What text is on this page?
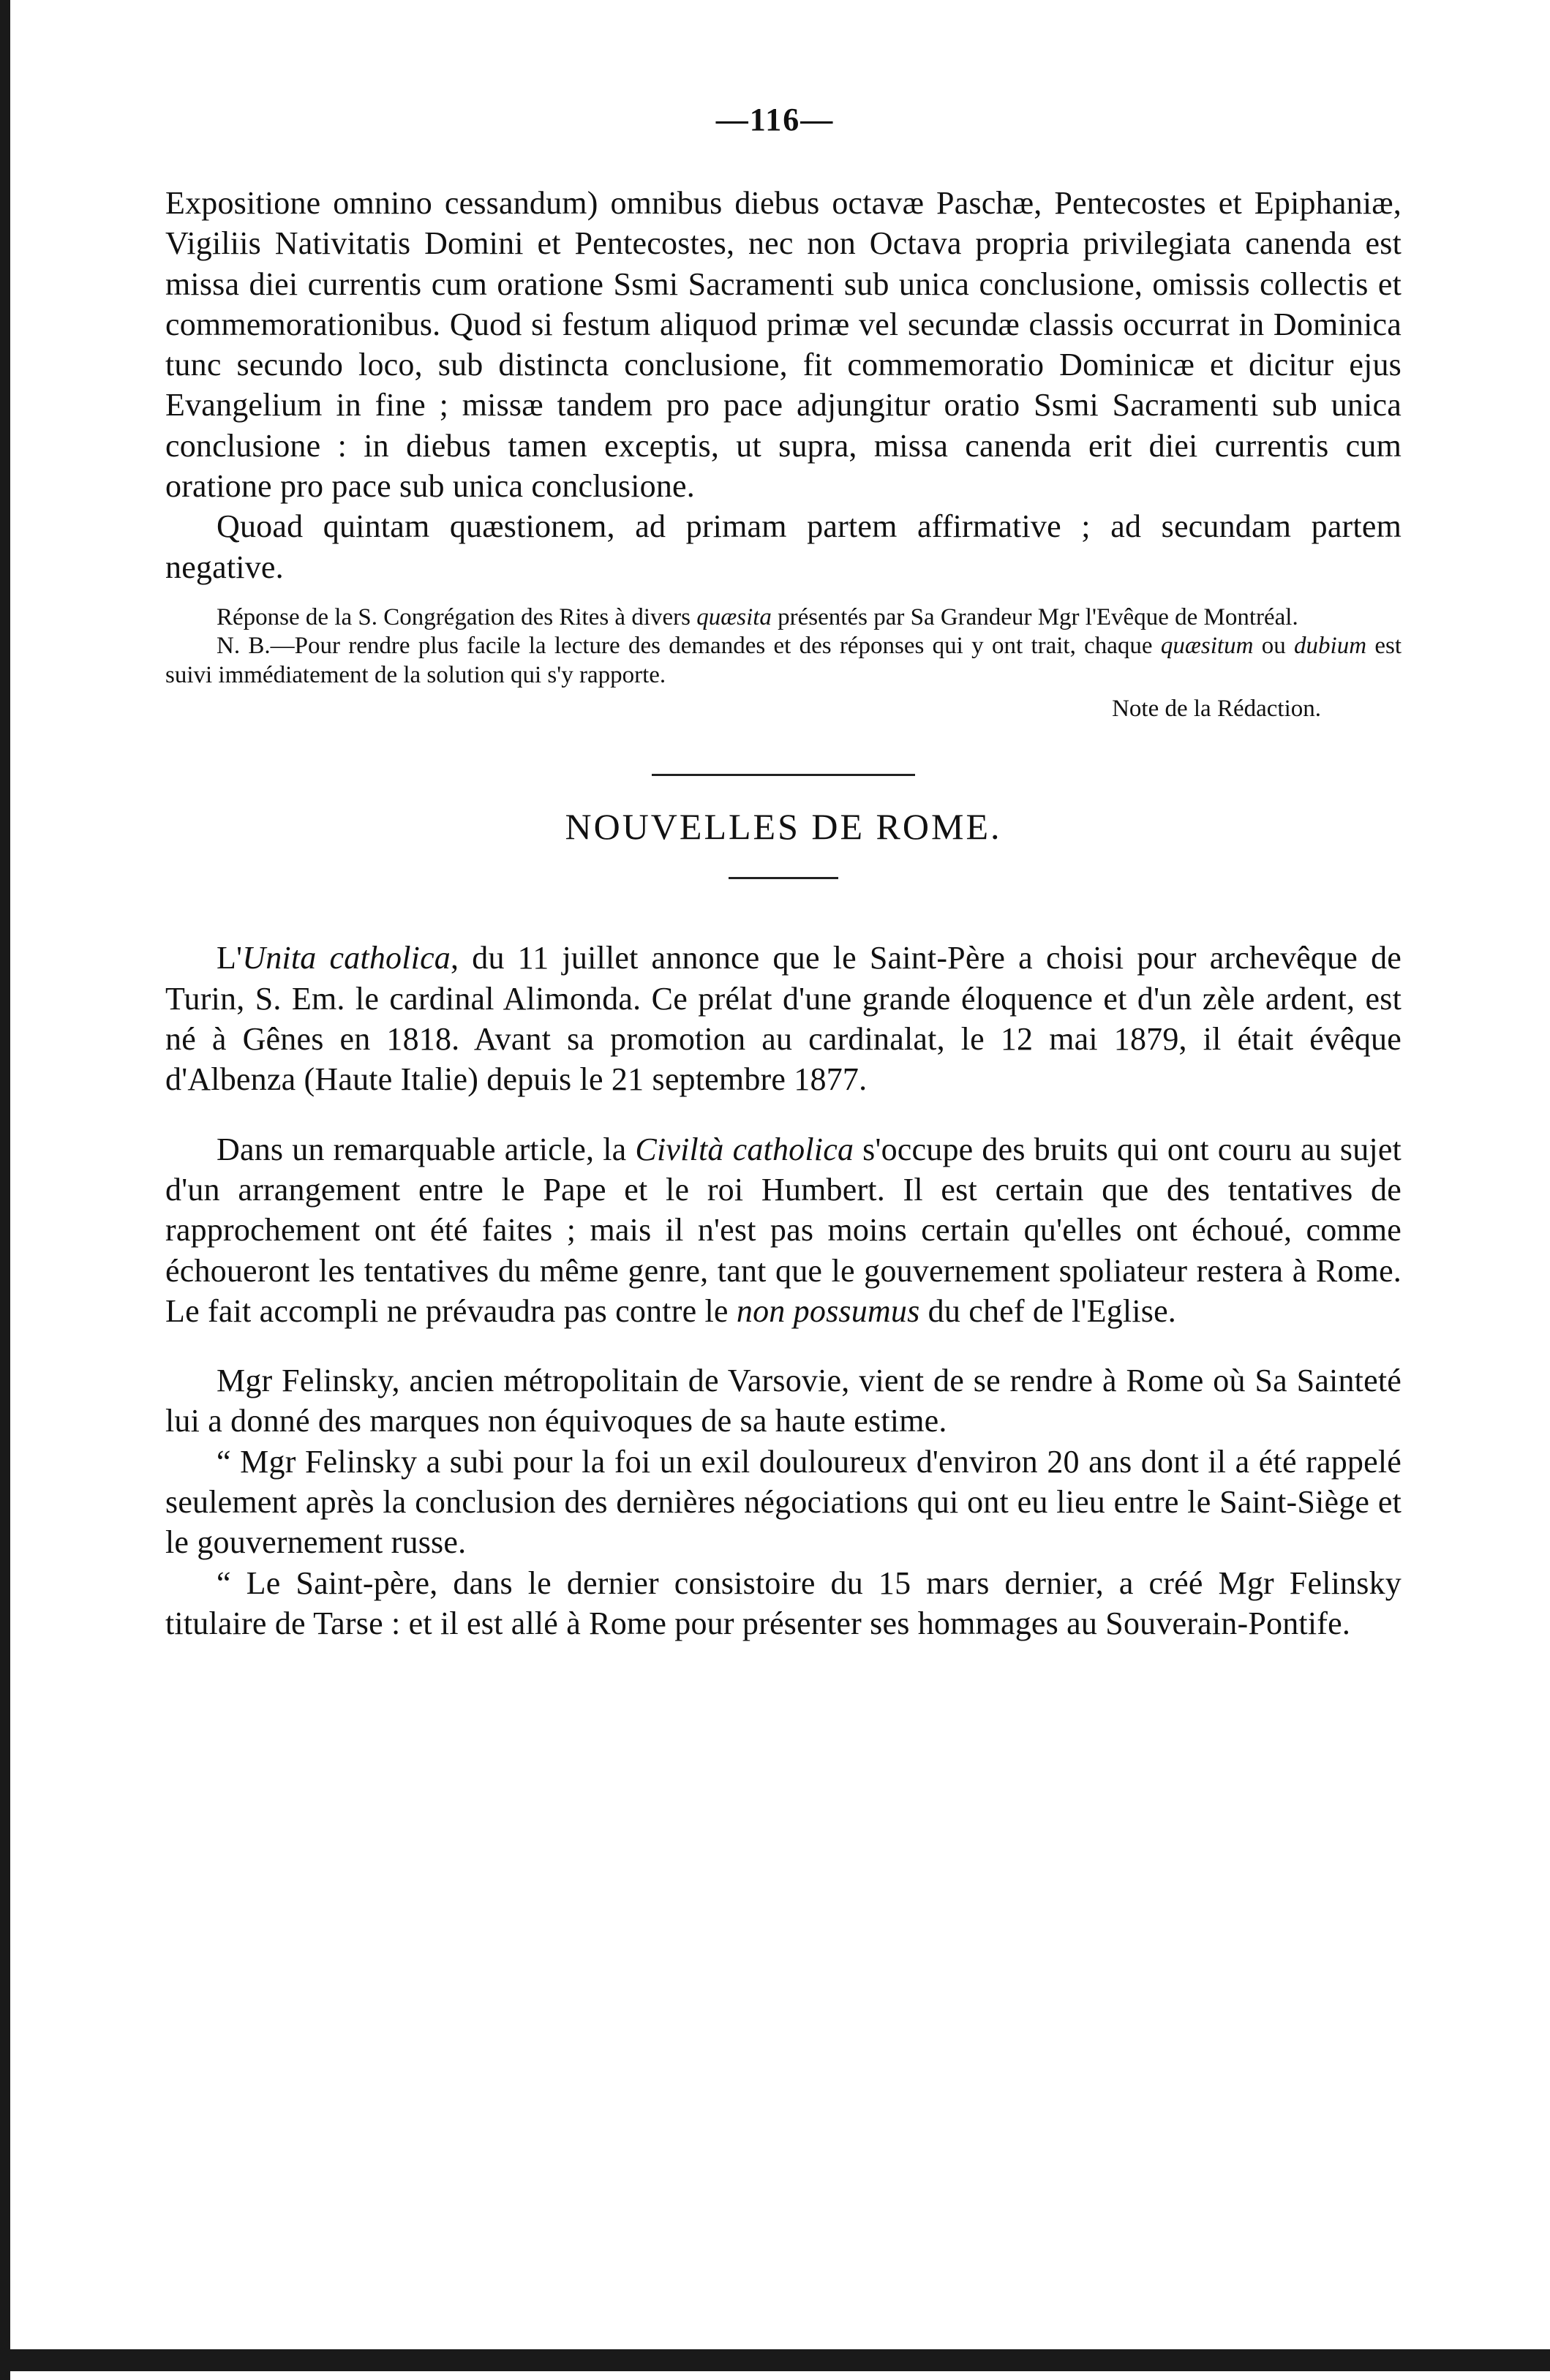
—116—

Expositione omnino cessandum) omnibus diebus octavæ Paschæ, Pentecostes et Epiphaniæ, Vigiliis Nativitatis Domini et Pentecostes, nec non Octava propria privilegiata canenda est missa diei currentis cum oratione Ssmi Sacramenti sub unica conclusione, omissis collectis et commemorationibus. Quod si festum aliquod primæ vel secundæ classis occurrat in Dominica tunc secundo loco, sub distincta conclusione, fit commemoratio Dominicæ et dicitur ejus Evangelium in fine ; missæ tandem pro pace adjungitur oratio Ssmi Sacramenti sub unica conclusione : in diebus tamen exceptis, ut supra, missa canenda erit diei currentis cum oratione pro pace sub unica conclusione.

Quoad quintam quæstionem, ad primam partem affirmative ; ad secundam partem negative.

Réponse de la S. Congrégation des Rites à divers quæsita présentés par Sa Grandeur Mgr l'Evêque de Montréal.

N. B.—Pour rendre plus facile la lecture des demandes et des réponses qui y ont trait, chaque quæsitum ou dubium est suivi immédiatement de la solution qui s'y rapporte.

Note de la Rédaction.

NOUVELLES DE ROME.

L'Unita catholica, du 11 juillet annonce que le Saint-Père a choisi pour archevêque de Turin, S. Em. le cardinal Alimonda. Ce prélat d'une grande éloquence et d'un zèle ardent, est né à Gênes en 1818. Avant sa promotion au cardinalat, le 12 mai 1879, il était évêque d'Albenza (Haute Italie) depuis le 21 septembre 1877.

Dans un remarquable article, la Civiltà catholica s'occupe des bruits qui ont couru au sujet d'un arrangement entre le Pape et le roi Humbert. Il est certain que des tentatives de rapprochement ont été faites ; mais il n'est pas moins certain qu'elles ont échoué, comme échoueront les tentatives du même genre, tant que le gouvernement spoliateur restera à Rome. Le fait accompli ne prévaudra pas contre le non possumus du chef de l'Eglise.

Mgr Felinsky, ancien métropolitain de Varsovie, vient de se rendre à Rome où Sa Sainteté lui a donné des marques non équivoques de sa haute estime.

“ Mgr Felinsky a subi pour la foi un exil douloureux d'environ 20 ans dont il a été rappelé seulement après la conclusion des dernières négociations qui ont eu lieu entre le Saint-Siège et le gouvernement russe.

“ Le Saint-père, dans le dernier consistoire du 15 mars dernier, a créé Mgr Felinsky titulaire de Tarse : et il est allé à Rome pour présenter ses hommages au Souverain-Pontife.
